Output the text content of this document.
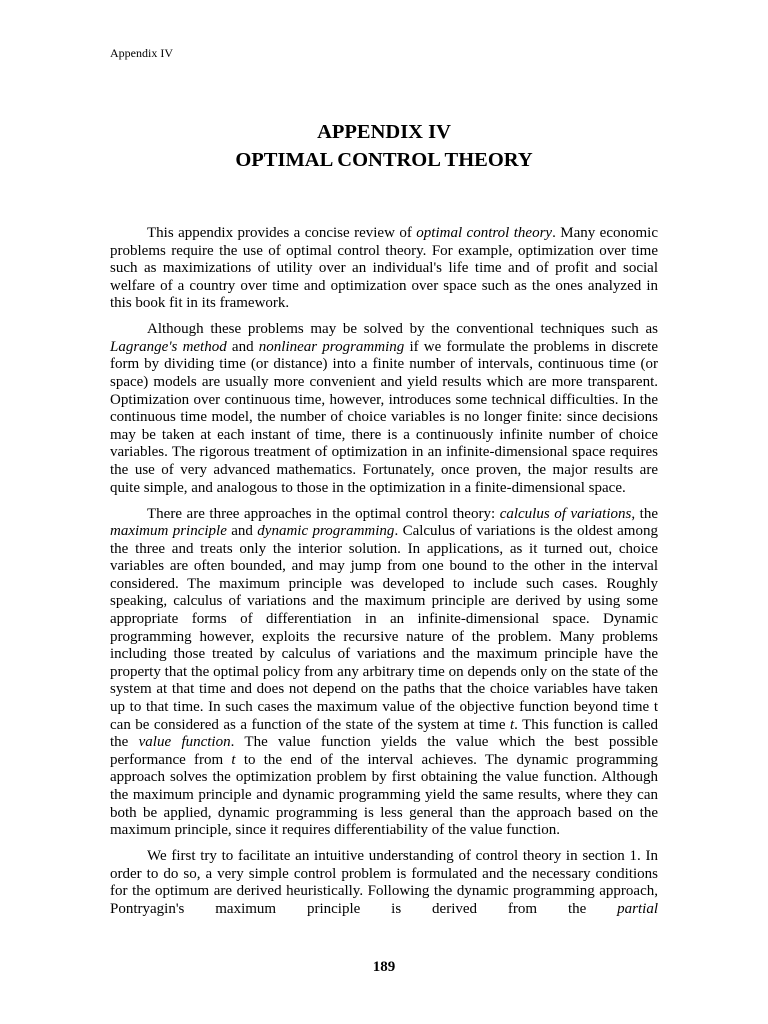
Appendix IV
APPENDIX IV
OPTIMAL CONTROL THEORY

This appendix provides a concise review of optimal control theory. Many economic problems require the use of optimal control theory. For example, optimization over time such as maximizations of utility over an individual's life time and of profit and social welfare of a country over time and optimization over space such as the ones analyzed in this book fit in its framework.

Although these problems may be solved by the conventional techniques such as Lagrange's method and nonlinear programming if we formulate the problems in discrete form by dividing time (or distance) into a finite number of intervals, continuous time (or space) models are usually more convenient and yield results which are more transparent. Optimization over continuous time, however, introduces some technical difficulties. In the continuous time model, the number of choice variables is no longer finite: since decisions may be taken at each instant of time, there is a continuously infinite number of choice variables. The rigorous treatment of optimization in an infinite-dimensional space requires the use of very advanced mathematics. Fortunately, once proven, the major results are quite simple, and analogous to those in the optimization in a finite-dimensional space.

There are three approaches in the optimal control theory: calculus of variations, the maximum principle and dynamic programming. Calculus of variations is the oldest among the three and treats only the interior solution. In applications, as it turned out, choice variables are often bounded, and may jump from one bound to the other in the interval considered. The maximum principle was developed to include such cases. Roughly speaking, calculus of variations and the maximum principle are derived by using some appropriate forms of differentiation in an infinite-dimensional space. Dynamic programming however, exploits the recursive nature of the problem. Many problems including those treated by calculus of variations and the maximum principle have the property that the optimal policy from any arbitrary time on depends only on the state of the system at that time and does not depend on the paths that the choice variables have taken up to that time. In such cases the maximum value of the objective function beyond time t can be considered as a function of the state of the system at time t. This function is called the value function. The value function yields the value which the best possible performance from t to the end of the interval achieves. The dynamic programming approach solves the optimization problem by first obtaining the value function. Although the maximum principle and dynamic programming yield the same results, where they can both be applied, dynamic programming is less general than the approach based on the maximum principle, since it requires differentiability of the value function.

We first try to facilitate an intuitive understanding of control theory in section 1. In order to do so, a very simple control problem is formulated and the necessary conditions for the optimum are derived heuristically. Following the dynamic programming approach, Pontryagin's maximum principle is derived from the partial

189
